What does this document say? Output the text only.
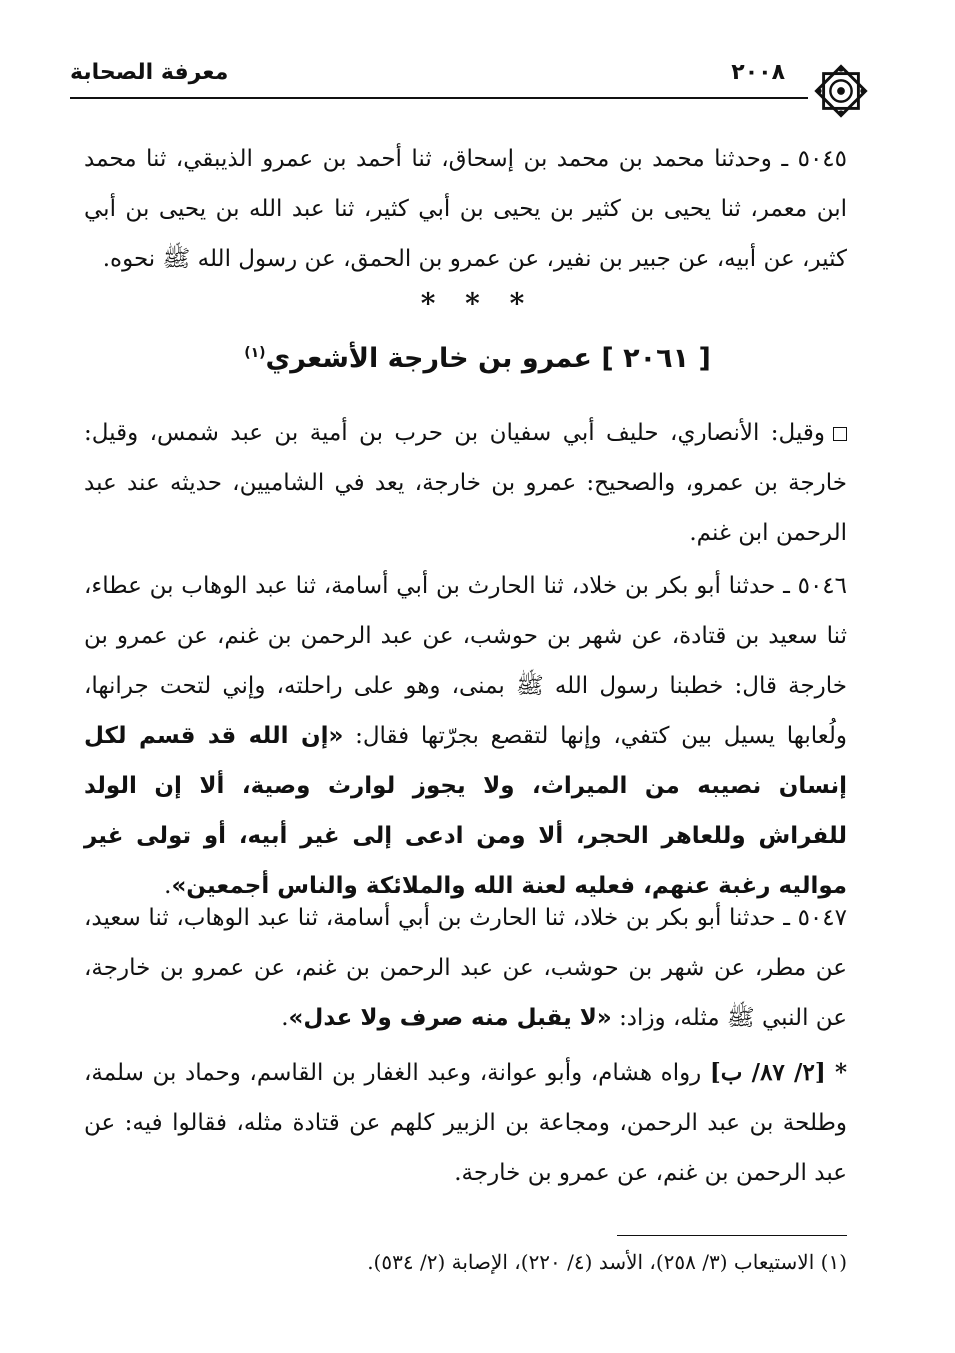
٢٠٠٨
معرفة الصحابة
٥٠٤٥ ـ وحدثنا محمد بن محمد بن إسحاق، ثنا أحمد بن عمرو الذيبقي، ثنا محمد ابن معمر، ثنا يحيى بن كثير بن يحيى بن أبي كثير، ثنا عبد الله بن يحيى بن أبي كثير، عن أبيه، عن جبير بن نفير، عن عمرو بن الحمق، عن رسول الله ﷺ نحوه.
* * *
[ ٢٠٦١ ] عمرو بن خارجة الأشعري$^{(١)}$
وقيل: الأنصاري، حليف أبي سفيان بن حرب بن أمية بن عبد شمس، وقيل: خارجة بن عمرو، والصحيح: عمرو بن خارجة، يعد في الشاميين، حديثه عند عبد الرحمن ابن غنم.
٥٠٤٦ ـ حدثنا أبو بكر بن خلاد، ثنا الحارث بن أبي أسامة، ثنا عبد الوهاب بن عطاء، ثنا سعيد بن قتادة، عن شهر بن حوشب، عن عبد الرحمن بن غنم، عن عمرو بن خارجة قال: خطبنا رسول الله ﷺ بمنى، وهو على راحلته، وإني لتحت جرانها، ولُعابها يسيل بين كتفي، وإنها لتقصع بجرّتها فقال: «إن الله قد قسم لكل إنسان نصيبه من الميراث، ولا يجوز لوارث وصية، ألا إن الولد للفراش وللعاهر الحجر، ألا ومن ادعى إلى غير أبيه، أو تولى غير مواليه رغبة عنهم، فعليه لعنة الله والملائكة والناس أجمعين».
٥٠٤٧ ـ حدثنا أبو بكر بن خلاد، ثنا الحارث بن أبي أسامة، ثنا عبد الوهاب، ثنا سعيد، عن مطر، عن شهر بن حوشب، عن عبد الرحمن بن غنم، عن عمرو بن خارجة، عن النبي ﷺ مثله، وزاد: «لا يقبل منه صرف ولا عدل».
* [٢/ ٨٧/ ب] رواه هشام، وأبو عوانة، وعبد الغفار بن القاسم، وحماد بن سلمة، وطلحة بن عبد الرحمن، ومجاعة بن الزبير كلهم عن قتادة مثله، فقالوا فيه: عن عبد الرحمن بن غنم، عن عمرو بن خارجة.
(١) الاستيعاب (٣/ ٢٥٨)، الأسد (٤/ ٢٢٠)، الإصابة (٢/ ٥٣٤).
